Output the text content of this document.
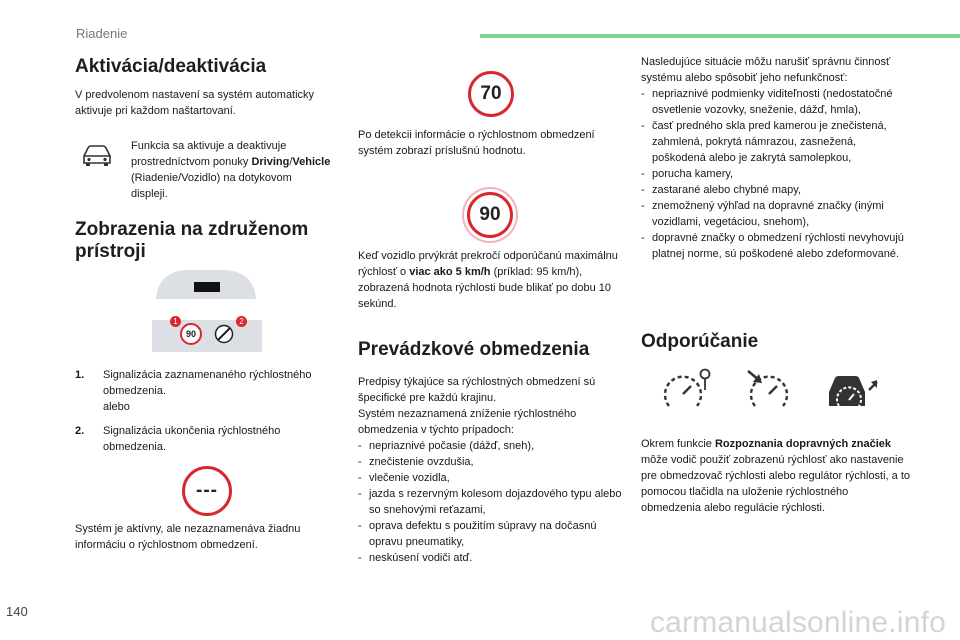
Riadenie
Aktivácia/deaktivácia

V predvolenom nastavení sa systém automaticky aktivuje pri každom naštartovaní.

Funkcia sa aktivuje a deaktivuje prostredníctvom ponuky Driving/Vehicle (Riadenie/Vozidlo) na dotykovom displeji.
Zobrazenia na združenom prístroji
90
1	2
1.	Signalizácia zaznamenaného rýchlostného obmedzenia.

alebo

2.	Signalizácia ukončenia rýchlostného obmedzenia.

---
Systém je aktívny, ale nezaznamenáva žiadnu informáciu o rýchlostnom obmedzení.
70
Po detekcii informácie o rýchlostnom obmedzení systém zobrazí príslušnú hodnotu.
90
Keď vozidlo prvýkrát prekročí odporúčanú maximálnu rýchlosť o viac ako 5 km/h (príklad: 95 km/h), zobrazená hodnota rýchlosti bude blikať po dobu 10 sekúnd.
Prevádzkové obmedzenia

Predpisy týkajúce sa rýchlostných obmedzení sú špecifické pre každú krajinu.

Systém nezaznamená zníženie rýchlostného obmedzenia v týchto prípadoch:

- nepriaznivé počasie (dážď, sneh),
- znečistenie ovzdušia,
- vlečenie vozidla,
- jazda s rezervným kolesom dojazdového typu alebo so snehovými reťazami,
- oprava defektu s použitím súpravy na dočasnú opravu pneumatiky,
- neskúsení vodiči atď.

Nasledujúce situácie môžu narušiť správnu činnosť systému alebo spôsobiť jeho nefunkčnosť:

- nepriaznivé podmienky viditeľnosti (nedostatočné osvetlenie vozovky, sneženie, dážď, hmla),
- časť predného skla pred kamerou je znečistená, zahmlená, pokrytá námrazou, zasnežená, poškodená alebo je zakrytá samolepkou,
- porucha kamery,
- zastarané alebo chybné mapy,
- znemožnený výhľad na dopravné značky (inými vozidlami, vegetáciou, snehom),
- dopravné značky o obmedzení rýchlosti nevyhovujú platnej norme, sú poškodené alebo zdeformované.
Odporúčanie
Okrem funkcie Rozpoznania dopravných značiek môže vodič použiť zobrazenú rýchlosť ako nastavenie pre obmedzovač rýchlosti alebo regulátor rýchlosti, a to pomocou tlačidla na uloženie rýchlostného obmedzenia alebo regulácie rýchlosti.
140	carmanualsonline.info
